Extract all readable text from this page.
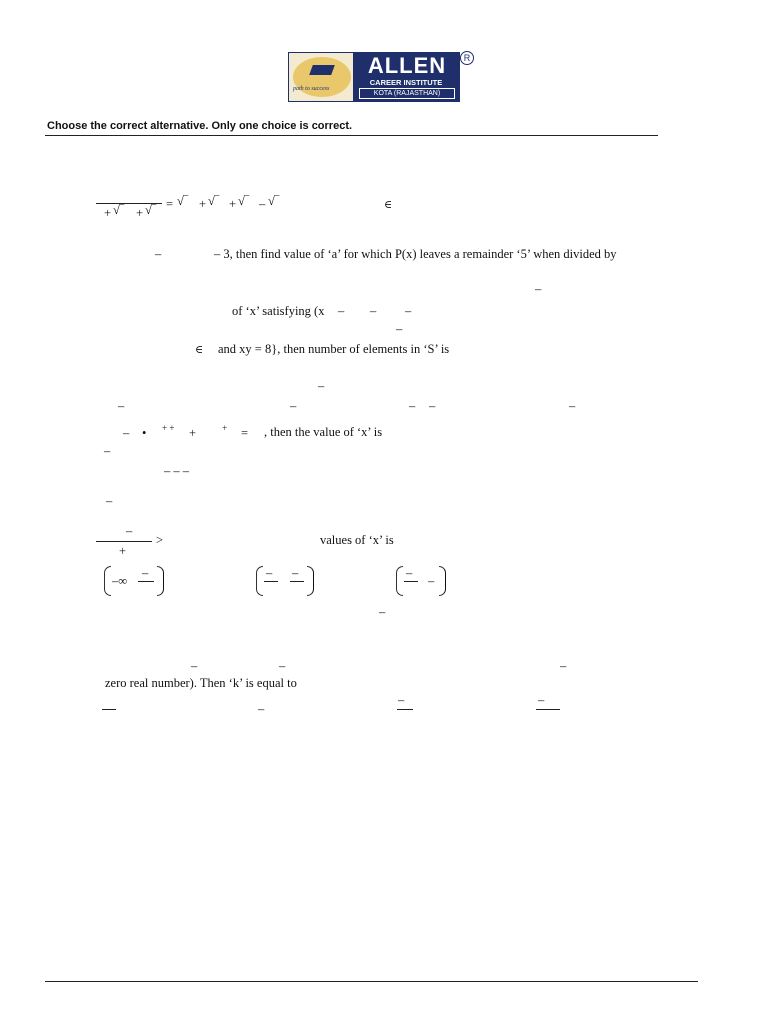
path to success
ALLEN
CAREER INSTITUTE
KOTA (RAJASTHAN)
R
Choose the correct alternative. Only one choice is correct.
+ √‾ + √‾ = √‾ + √‾ + √‾ – √‾	∈
–	– 3, then find value of ‘a’ for which P(x) leaves a remainder ‘5’ when divided by
–
of ‘x’ satisfying (x – – –
–
∈ and xy = 8}, then number of elements in ‘S’ is
–
–	–	– –	–
– • + + +	+ = , then the value of ‘x’ is
–
– – –
–
–
>
+
values of ‘x’ is
–∞
–	– –	–
–
–
–	–	–
zero real number). Then ‘k’ is equal to
–
–	–
